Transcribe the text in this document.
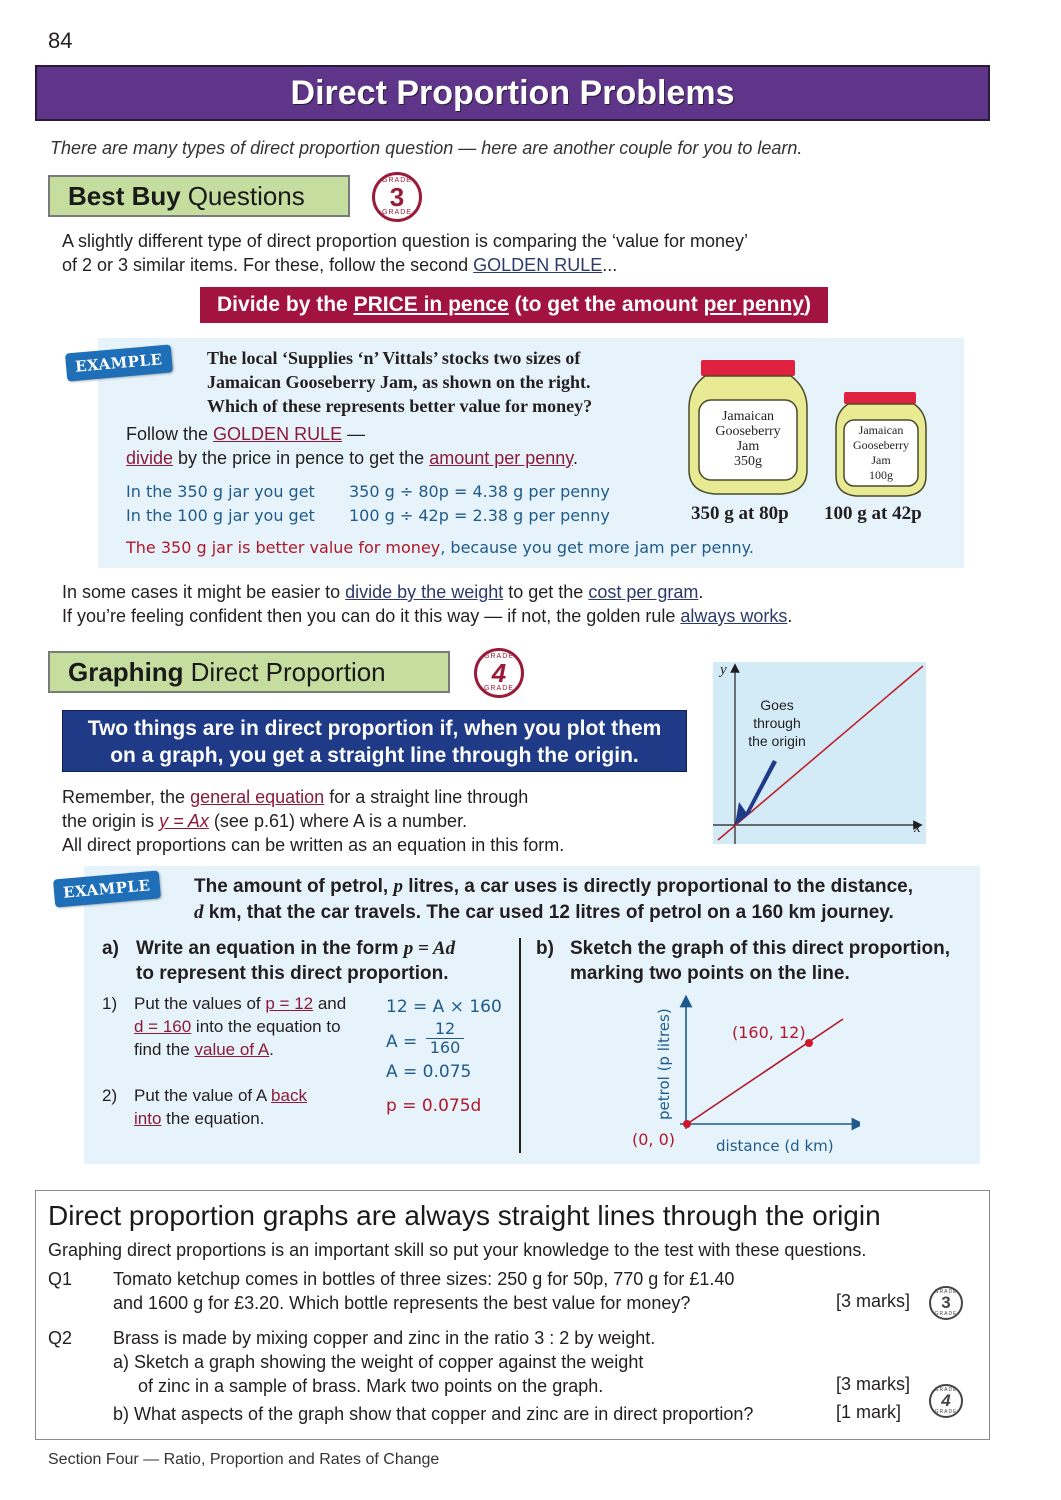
84
Direct Proportion Problems
There are many types of direct proportion question — here are another couple for you to learn.
Best Buy Questions	GRADE
3
GRADE
A slightly different type of direct proportion question is comparing the ‘value for money’
of 2 or 3 similar items. For these, follow the second GOLDEN RULE...
Divide by the
PRICE in pence
(to get the amount
per penny )
EXAMPLE	The local ‘Supplies ‘n’ Vittals’ stocks two sizes of
Jamaican Gooseberry Jam, as shown on the right.
Which of these represents better value for money?
Follow the GOLDEN RULE —
divide by the price in pence to get the amount per penny.
In the 350 g jar you get 350 g ÷ 80p = 4.38 g per penny
In the 100 g jar you get 100 g ÷ 42p = 2.38 g per penny
The 350 g jar is better value for money, because you get more jam per penny.
Jamaican
Gooseberry
Jam
350g
Jamaican
Gooseberry
Jam
100g
350 g at 80p 100 g at 42p
In some cases it might be easier to divide by the weight to get the cost per gram.
If you’re feeling confident then you can do it this way — if not, the golden rule always works.
Graphing Direct Proportion	GRADE
4
GRADE
Two things are in direct proportion if, when you plot them
on a graph, you get a straight line through the origin.
Remember, the general equation for a straight line through
the origin is y = Ax (see p.61) where A is a number.
All direct proportions can be written as an equation in this form.
y
x
Goes
through
the origin
EXAMPLE	The amount of petrol, p litres, a car uses is directly proportional to the distance,
d km, that the car travels. The car used 12 litres of petrol on a 160 km journey.
a) Write an equation in the form p = Ad
to represent this direct proportion.
1) Put the values of p = 12 and
d = 160 into the equation to
find the value of A.
2) Put the value of A back
into the equation.
12 = A × 160
$A = \frac{12}{160}$
A = 0.075
p = 0.075d
b) Sketch the graph of this direct proportion,
marking two points on the line.
petrol (p litres)
distance (d km)
(0, 0)
(160, 12)
Direct proportion graphs are always straight lines through the origin
Graphing direct proportions is an important skill so put your knowledge to the test with these questions.
Q1 Tomato ketchup comes in bottles of three sizes: 250 g for 50p, 770 g for £1.40
and 1600 g for £3.20. Which bottle represents the best value for money?	[3 marks]	GRADE
3
GRADE
Q2 Brass is made by mixing copper and zinc in the ratio 3 : 2 by weight.
a) Sketch a graph showing the weight of copper against the weight
of zinc in a sample of brass. Mark two points on the graph.
b) What aspects of the graph show that copper and zinc are in direct proportion?
[3 marks]
[1 mark]
GRADE
4
GRADE
Section Four — Ratio, Proportion and Rates of Change
